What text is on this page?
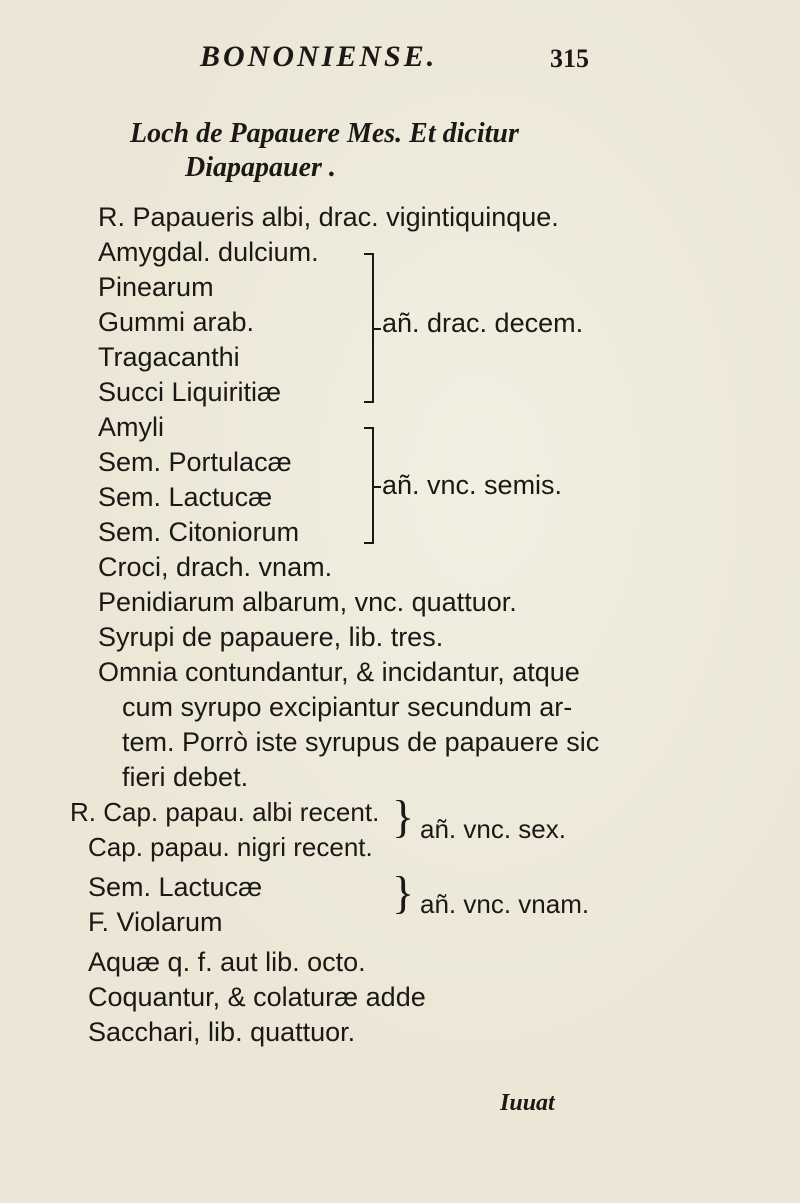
BONONIENSE.	315
Loch de Papauere Mes. Et dicitur
Diapapauer .
R. Papaueris albi, drac. vigintiquinque.
Amygdal. dulcium.
Pinearum
Gummi arab.
Tragacanthi
Succi Liquiritiæ
añ. drac. decem.
Amyli
Sem. Portulacæ
Sem. Lactucæ
Sem. Citoniorum
añ. vnc. semis.
Croci, drach. vnam.
Penidiarum albarum, vnc. quattuor.
Syrupi de papauere, lib. tres.
Omnia contundantur, & incidantur, atque
cum syrupo excipiantur secundum ar-
tem. Porrò iste syrupus de papauere sic
fieri debet.
R. Cap. papau. albi recent.
Cap. papau. nigri recent.
} añ. vnc. sex.
Sem. Lactucæ
F. Violarum
} añ. vnc. vnam.
Aquæ q. f. aut lib. octo.
Coquantur, & colaturæ adde
Sacchari, lib. quattuor.
Iuuat
